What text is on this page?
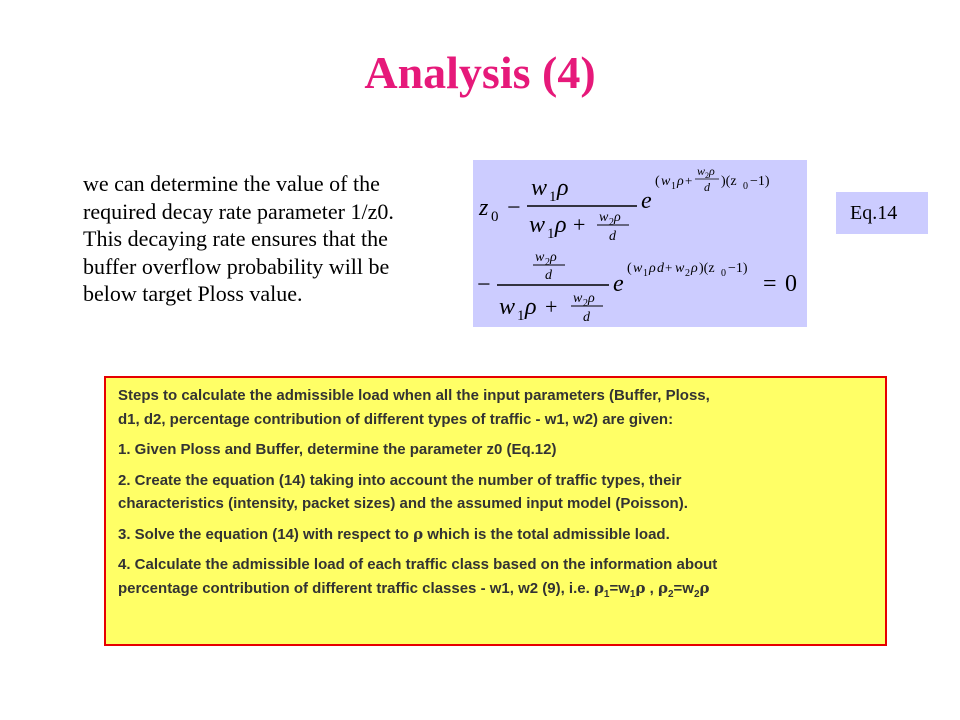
Analysis (4)
we can determine the value of the
required decay rate parameter 1/z0.
This decaying rate ensures that the
buffer overflow probability will be
below target Ploss value.
z 0 −
w 1 ρ
w 1 ρ + w 2 ρ
d
e
( w 1 ρ +
w 2 ρ
d )(z 0 −1)
−
w 2 ρ
d
w 1 ρ + w 2 ρ
d
e
( w 1 ρ d + w 2 ρ )(z 0 −1)
= 0
Eq.14

Steps to calculate the admissible load when all the input parameters (Buffer, Ploss,
d1, d2, percentage contribution of different types of traffic - w1, w2) are given:

1. Given Ploss and Buffer, determine the parameter z0 (Eq.12)

2. Create the equation (14) taking into account the number of traffic types, their
characteristics (intensity, packet sizes) and the assumed input model (Poisson).

3. Solve the equation (14) with respect to ρ which is the total admissible load.

4. Calculate the admissible load of each traffic class based on the information about
percentage contribution of different traffic classes - w1, w2 (9), i.e. $\rho_1=w_1\rho$ , $\rho_2=w_2\rho$
